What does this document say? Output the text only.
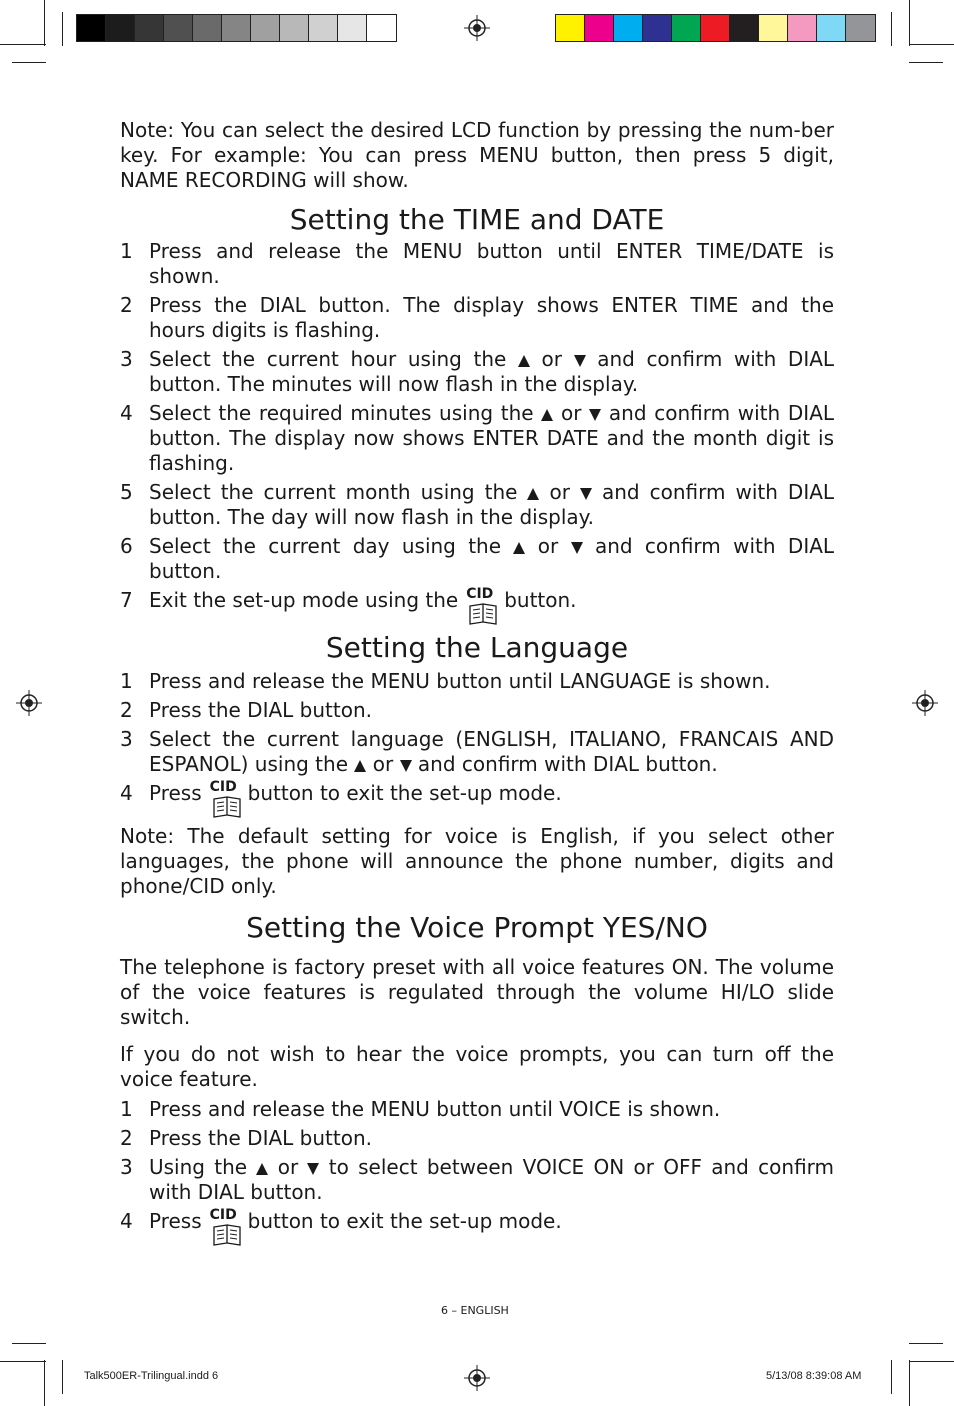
Note: You can select the desired LCD function by pressing the num-ber key. For example: You can press MENU button, then press 5 digit, NAME RECORDING will show.

Setting the TIME and DATE
1 Press and release the MENU button until ENTER TIME/DATE is shown.
2 Press the DIAL button. The display shows ENTER TIME and the hours digits is flashing.
3 Select the current hour using the or and confirm with DIAL button. The minutes will now flash in the display.
4 Select the required minutes using the or and confirm with DIAL button. The display now shows ENTER DATE and the month digit is flashing.
5 Select the current month using the or and confirm with DIAL button. The day will now flash in the display.
6 Select the current day using the or and confirm with DIAL button.
7 Exit the set-up mode using the CID button.
Setting the Language
1 Press and release the MENU button until LANGUAGE is shown.
2 Press the DIAL button.
3 Select the current language (ENGLISH, ITALIANO, FRANCAIS AND ESPANOL) using the or and confirm with DIAL button.
4 Press CID button to exit the set-up mode.

Note: The default setting for voice is English, if you select other languages, the phone will announce the phone number, digits and phone/CID only.

Setting the Voice Prompt YES/NO

The telephone is factory preset with all voice features ON. The volume of the voice features is regulated through the volume HI/LO slide switch.

If you do not wish to hear the voice prompts, you can turn off the voice feature.

1 Press and release the MENU button until VOICE is shown.
2 Press the DIAL button.
3 Using the or to select between VOICE ON or OFF and confirm with DIAL button.
4 Press CID button to exit the set-up mode.
6 – ENGLISH
Talk500ER-Trilingual.indd 6	5/13/08 8:39:08 AM
